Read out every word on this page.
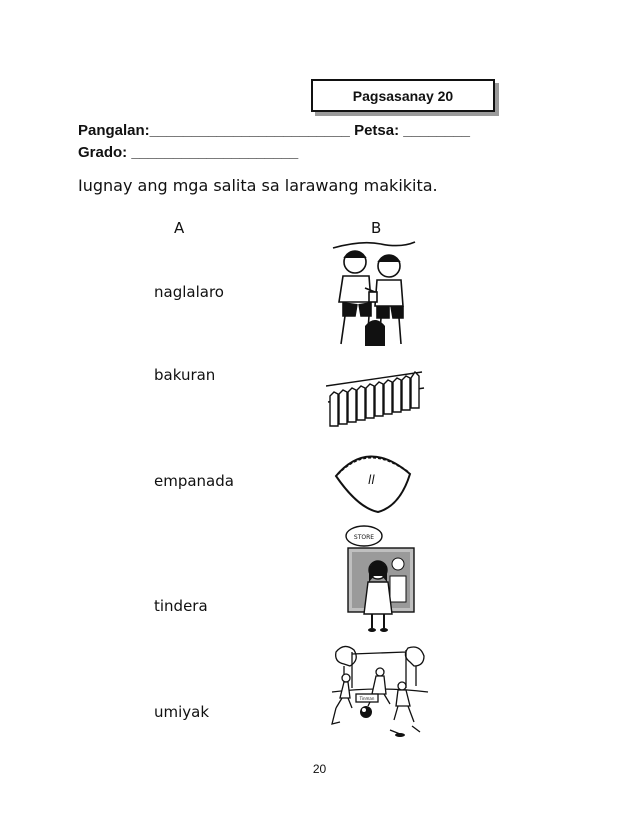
Pagsasanay 20
Pangalan:________________________ Petsa: ________
Grado: ____________________
Iugnay ang mga salita sa larawang makikita.
A	B
naglalaro
bakuran
empanada
tindera
umiyak
ll
STORE
Tinman
20
